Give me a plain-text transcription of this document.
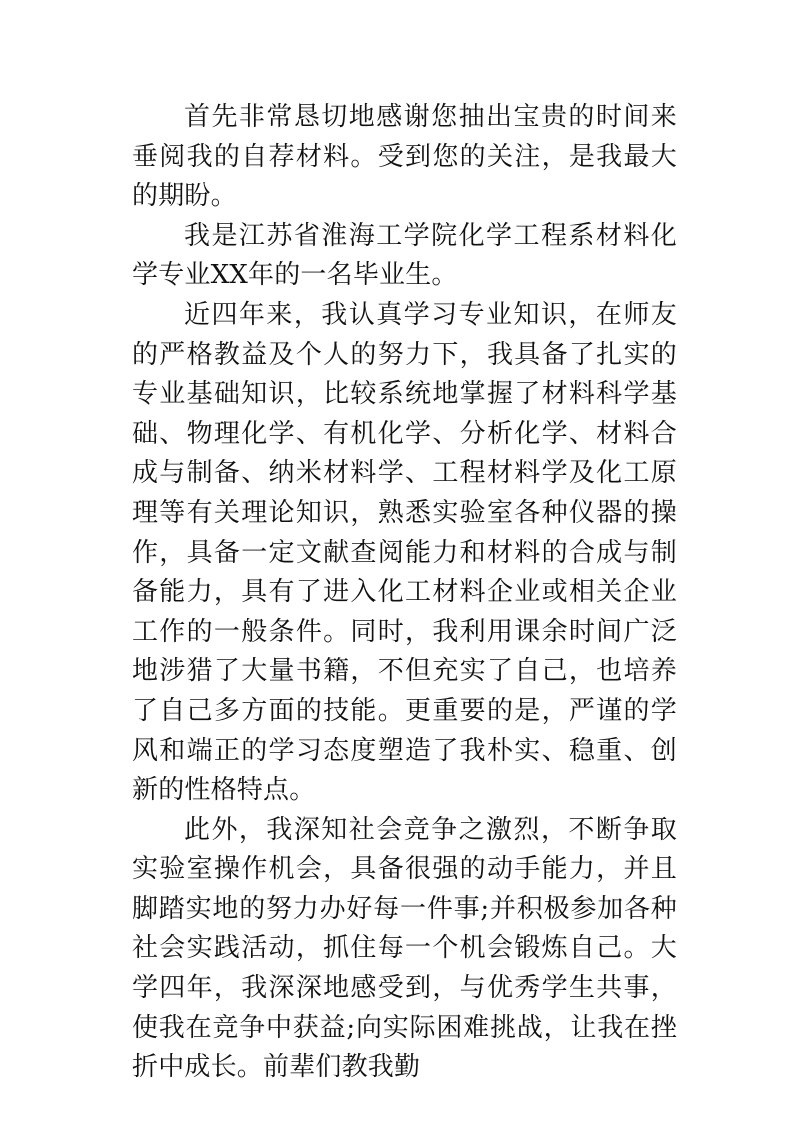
首先非常恳切地感谢您抽出宝贵的时间来垂阅我的自荐材料。受到您的关注，是我最大的期盼。

我是江苏省淮海工学院化学工程系材料化学专业XX年的一名毕业生。

近四年来，我认真学习专业知识，在师友的严格教益及个人的努力下，我具备了扎实的专业基础知识，比较系统地掌握了材料科学基础、物理化学、有机化学、分析化学、材料合成与制备、纳米材料学、工程材料学及化工原理等有关理论知识，熟悉实验室各种仪器的操作，具备一定文献查阅能力和材料的合成与制备能力，具有了进入化工材料企业或相关企业工作的一般条件。同时，我利用课余时间广泛地涉猎了大量书籍，不但充实了自己，也培养了自己多方面的技能。更重要的是，严谨的学风和端正的学习态度塑造了我朴实、稳重、创新的性格特点。

此外，我深知社会竞争之激烈，不断争取实验室操作机会，具备很强的动手能力，并且脚踏实地的努力办好每一件事;并积极参加各种社会实践活动，抓住每一个机会锻炼自己。大学四年，我深深地感受到，与优秀学生共事，使我在竞争中获益;向实际困难挑战，让我在挫折中成长。前辈们教我勤
